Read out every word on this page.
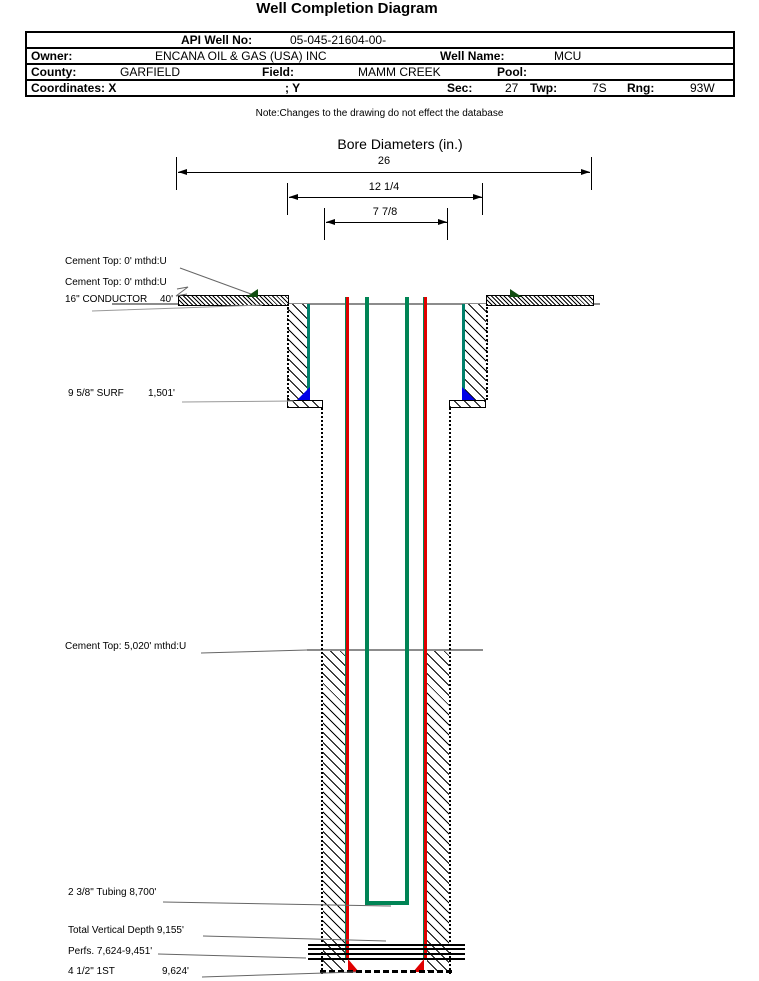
Well Completion Diagram
API Well No:	05-045-21604-00-
Owner:	ENCANA OIL & GAS (USA) INC	Well Name:	MCU
County:	GARFIELD	Field:	MAMM CREEK	Pool:
Coordinates: X	; Y	Sec:	27 Twp:	7S Rng:	93W
Note:Changes to the drawing do not effect the database
Bore Diameters (in.)
26
12 1/4
7 7/8
Cement Top: 0' mthd:U
Cement Top: 0' mthd:U
16" CONDUCTOR 40'
9 5/8" SURF 1,501'
Cement Top: 5,020' mthd:U
2 3/8" Tubing 8,700'
Total Vertical Depth 9,155'
Perfs. 7,624-9,451'
4 1/2" 1ST	9,624'
